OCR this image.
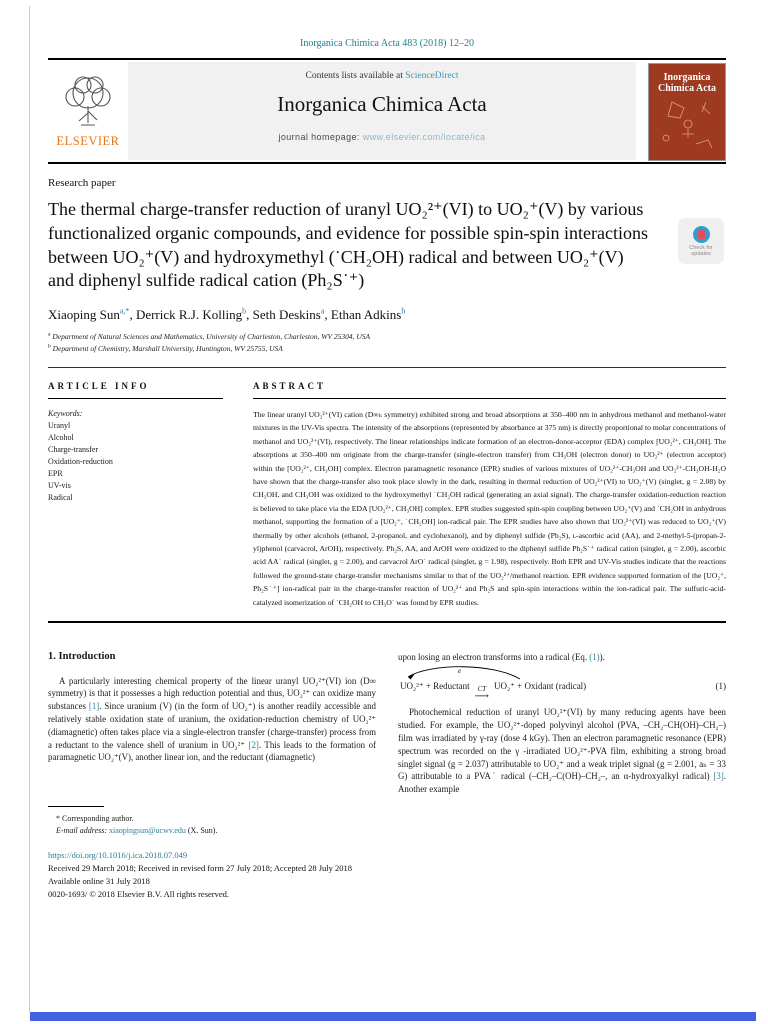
Inorganica Chimica Acta 483 (2018) 12–20
ELSEVIER
Contents lists available at ScienceDirect
Inorganica Chimica Acta
journal homepage: www.elsevier.com/locate/ica
Inorganica
Chimica Acta
Research paper
The thermal charge-transfer reduction of uranyl UO₂²⁺(VI) to UO₂⁺(V) by various functionalized organic compounds, and evidence for possible spin-spin interactions between UO₂⁺(V) and hydroxymethyl (˙CH₂OH) radical and between UO₂⁺(V) and diphenyl sulfide radical cation (Ph₂S˙⁺)
Check for
updates
Xiaoping Sun$^{a,*}$, Derrick R.J. Kolling$^b$, Seth Deskins$^a$, Ethan Adkins$^b$
$^a$ Department of Natural Sciences and Mathematics, University of Charleston, Charleston, WV 25304, USA
$^b$ Department of Chemistry, Marshall University, Huntington, WV 25755, USA
ARTICLE INFO
Keywords:
Uranyl
Alcohol
Charge-transfer
Oxidation-reduction
EPR
UV-vis
Radical
ABSTRACT
The linear uranyl UO₂²⁺(VI) cation (D∞ₕ symmetry) exhibited strong and broad absorptions at 350–400 nm in anhydrous methanol and methanol-water mixtures in the UV-Vis spectra. The intensity of the absorptions (represented by absorbance at 375 nm) is directly proportional to molar concentrations of methanol and UO₂²⁺(VI), respectively. The linear relationships indicate formation of an electron-donor-acceptor (EDA) complex [UO₂²⁺, CH₃OH]. The absorptions at 350–400 nm originate from the charge-transfer (single-electron transfer) from CH₃OH (electron donor) to UO₂²⁺ (electron acceptor) within the [UO₂²⁺, CH₃OH] complex. Electron paramagnetic resonance (EPR) studies of various mixtures of UO₂²⁺-CH₃OH and UO₂²⁺-CH₃OH-H₂O have shown that the charge-transfer also took place slowly in the dark, resulting in thermal reduction of UO₂²⁺(VI) to UO₂⁺(V) (singlet, g = 2.08) by CH₃OH, and CH₃OH was oxidized to the hydroxymethyl ˙CH₂OH radical (generating an axial signal). The charge-transfer oxidation-reduction reaction is believed to take place via the EDA [UO₂²⁺, CH₃OH] complex. EPR studies suggested spin-spin coupling between UO₂⁺(V) and ˙CH₂OH in anhydrous methanol, supporting the formation of a [UO₂⁺, ˙CH₂OH] ion-radical pair. The EPR studies have also shown that UO₂²⁺(VI) was reduced to UO₂⁺(V) thermally by other alcohols (ethanol, 2-propanol, and cyclohexanol), and by diphenyl sulfide (Ph₂S), ʟ-ascorbic acid (AA), and 2-methyl-5-(propan-2-yl)phenol (carvacrol, ArOH), respectively. Ph₂S, AA, and ArOH were oxidized to the diphenyl sulfide Ph₂S˙⁺ radical cation (singlet, g = 2.00), ascorbic acid AA˙ radical (singlet, g = 2.00), and carvacrol ArO˙ radical (singlet, g = 1.98), respectively. Both EPR and UV-Vis studies indicate that the reactions followed the ground-state charge-transfer mechanisms similar to that of the UO₂²⁺/methanol reaction. EPR evidence supported formation of the [UO₂⁺, Ph₂S˙⁺] ion-radical pair in the charge-transfer reaction of UO₂²⁺ and Ph₂S and spin-spin interactions within the ion-radical pair. The sulfuric-acid-catalyzed isomerization of ˙CH₂OH to CH₃O˙ was found by EPR studies.
1. Introduction

A particularly interesting chemical property of the linear uranyl UO₂²⁺(VI) ion (D∞ symmetry) is that it possesses a high reduction potential and thus, UO₂²⁺ can oxidize many substances [1]. Since uranium (V) (in the form of UO₂⁺) is another readily accessible and relatively stable oxidation state of uranium, the oxidation-reduction chemistry of UO₂²⁺ (diamagnetic) often takes place via a single-electron transfer (charge-transfer) process from a reductant to the valence shell of uranium in UO₂²⁺ [2]. This leads to the formation of paramagnetic UO₂⁺(V), another linear ion, and the reductant (diamagnetic)

upon losing an electron transforms into a radical (Eq. (1)).

e
UO₂²⁺ + Reductant CT
⟶
UO₂⁺ + Oxidant (radical)	(1)

Photochemical reduction of uranyl UO₂²⁺(VI) by many reducing agents have been studied. For example, the UO₂²⁺-doped polyvinyl alcohol (PVA, –CH₂–CH(OH)–CH₂–) film was irradiated by γ-ray (dose 4 kGy). Then an electron paramagnetic resonance (EPR) spectrum was recorded on the γ -irradiated UO₂²⁺-PVA film, exhibiting a strong broad singlet signal (g = 2.037) attributable to UO₂⁺ and a weak triplet signal (g = 2.001, aₕ = 33 G) attributable to a PVA˙ radical (–CH₂–C(OH)–CH₂–, an α-hydroxyalkyl radical) [3]. Another example

* Corresponding author.
E-mail address: xiaopingsun@ucwv.edu (X. Sun).
https://doi.org/10.1016/j.ica.2018.07.049
Received 29 March 2018; Received in revised form 27 July 2018; Accepted 28 July 2018
Available online 31 July 2018
0020-1693/ © 2018 Elsevier B.V. All rights reserved.
